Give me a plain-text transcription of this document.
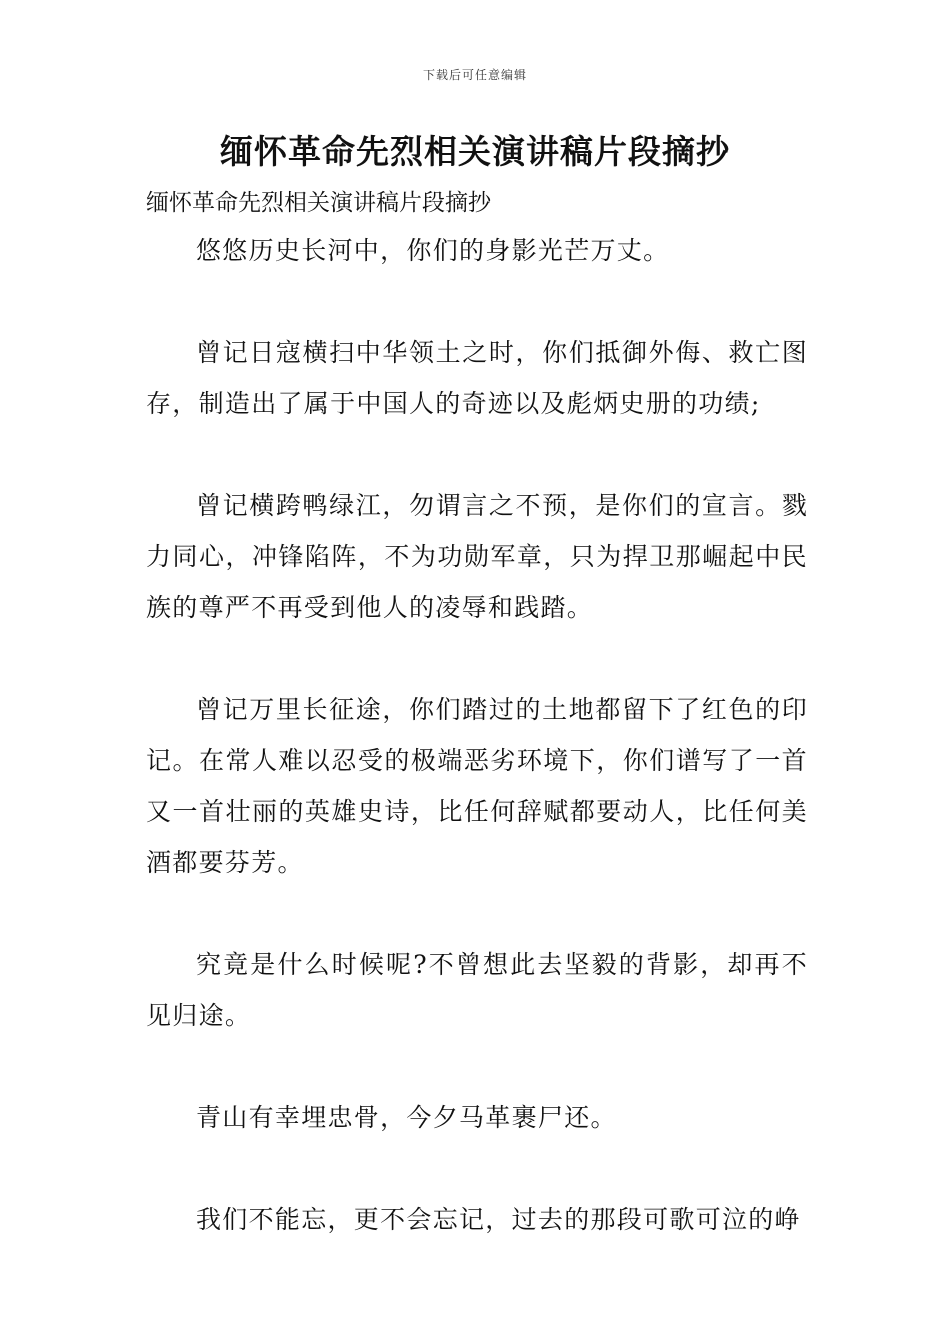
下载后可任意编辑
缅怀革命先烈相关演讲稿片段摘抄
缅怀革命先烈相关演讲稿片段摘抄

悠悠历史长河中，你们的身影光芒万丈。

曾记日寇横扫中华领土之时，你们抵御外侮、救亡图存，制造出了属于中国人的奇迹以及彪炳史册的功绩;

曾记横跨鸭绿江，勿谓言之不预，是你们的宣言。戮力同心，冲锋陷阵，不为功勋军章，只为捍卫那崛起中民族的尊严不再受到他人的凌辱和践踏。

曾记万里长征途，你们踏过的土地都留下了红色的印记。在常人难以忍受的极端恶劣环境下，你们谱写了一首又一首壮丽的英雄史诗，比任何辞赋都要动人，比任何美酒都要芬芳。

究竟是什么时候呢?不曾想此去坚毅的背影，却再不见归途。

青山有幸埋忠骨，今夕马革裹尸还。

我们不能忘，更不会忘记，过去的那段可歌可泣的峥
